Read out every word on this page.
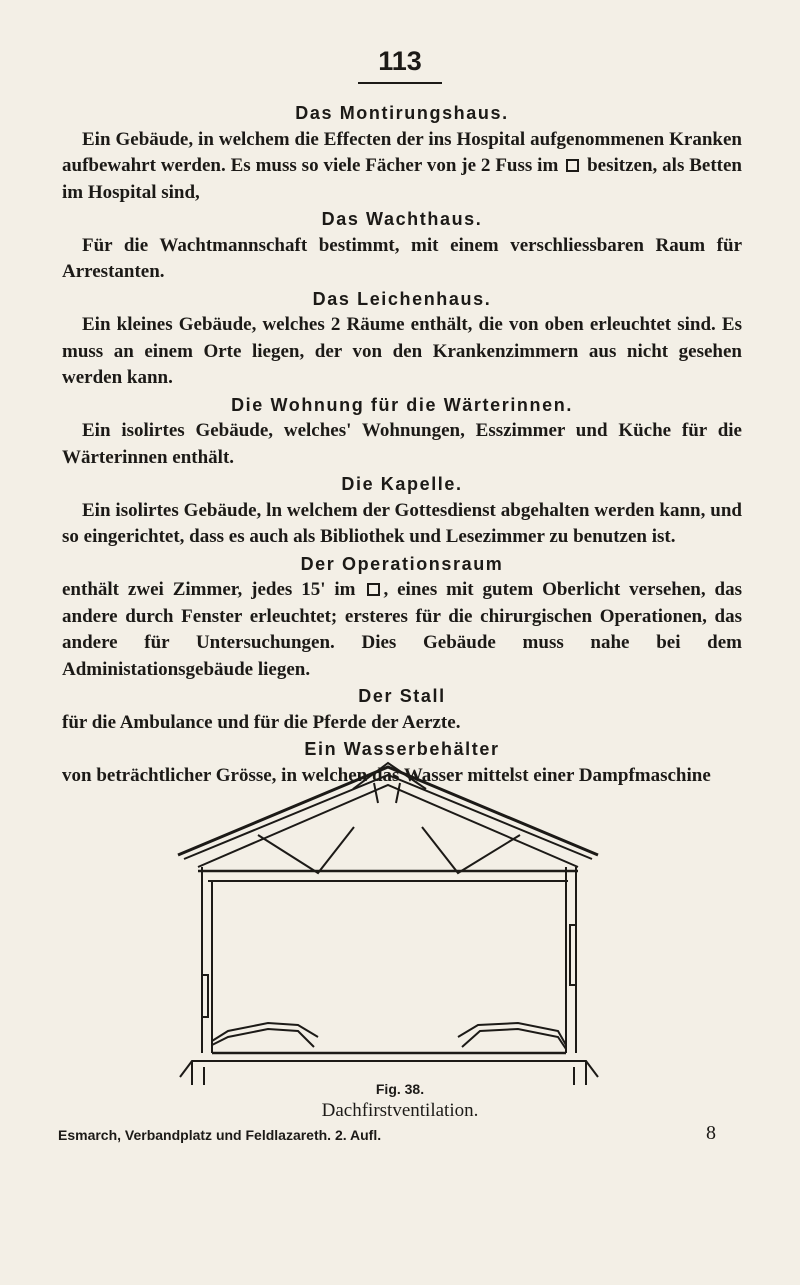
113
Das Montirungshaus.
Ein Gebäude, in welchem die Effecten der ins Hospital aufgenommenen Kranken aufbewahrt werden. Es muss so viele Fächer von je 2 Fuss im  besitzen, als Betten im Hospital sind,
Das Wachthaus.
Für die Wachtmannschaft bestimmt, mit einem verschliessbaren Raum für Arrestanten.
Das Leichenhaus.
Ein kleines Gebäude, welches 2 Räume enthält, die von oben erleuchtet sind. Es muss an einem Orte liegen, der von den Krankenzimmern aus nicht gesehen werden kann.
Die Wohnung für die Wärterinnen.
Ein isolirtes Gebäude, welches' Wohnungen, Esszimmer und Küche für die Wärterinnen enthält.
Die Kapelle.
Ein isolirtes Gebäude, ln welchem der Gottesdienst abgehalten werden kann, und so eingerichtet, dass es auch als Bibliothek und Lesezimmer zu benutzen ist.
Der Operationsraum
enthält zwei Zimmer, jedes 15' im , eines mit gutem Oberlicht versehen, das andere durch Fenster erleuchtet; ersteres für die chirurgischen Operationen, das andere für Untersuchungen. Dies Gebäude muss nahe bei dem Administationsgebäude liegen.
Der Stall
für die Ambulance und für die Pferde der Aerzte.
Ein Wasserbehälter
von beträchtlicher Grösse, in welchen das Wasser mittelst einer Dampfmaschine
Fig. 38.
Dachfirstventilation.
Esmarch, Verbandplatz und Feldlazareth. 2. Aufl.	8
